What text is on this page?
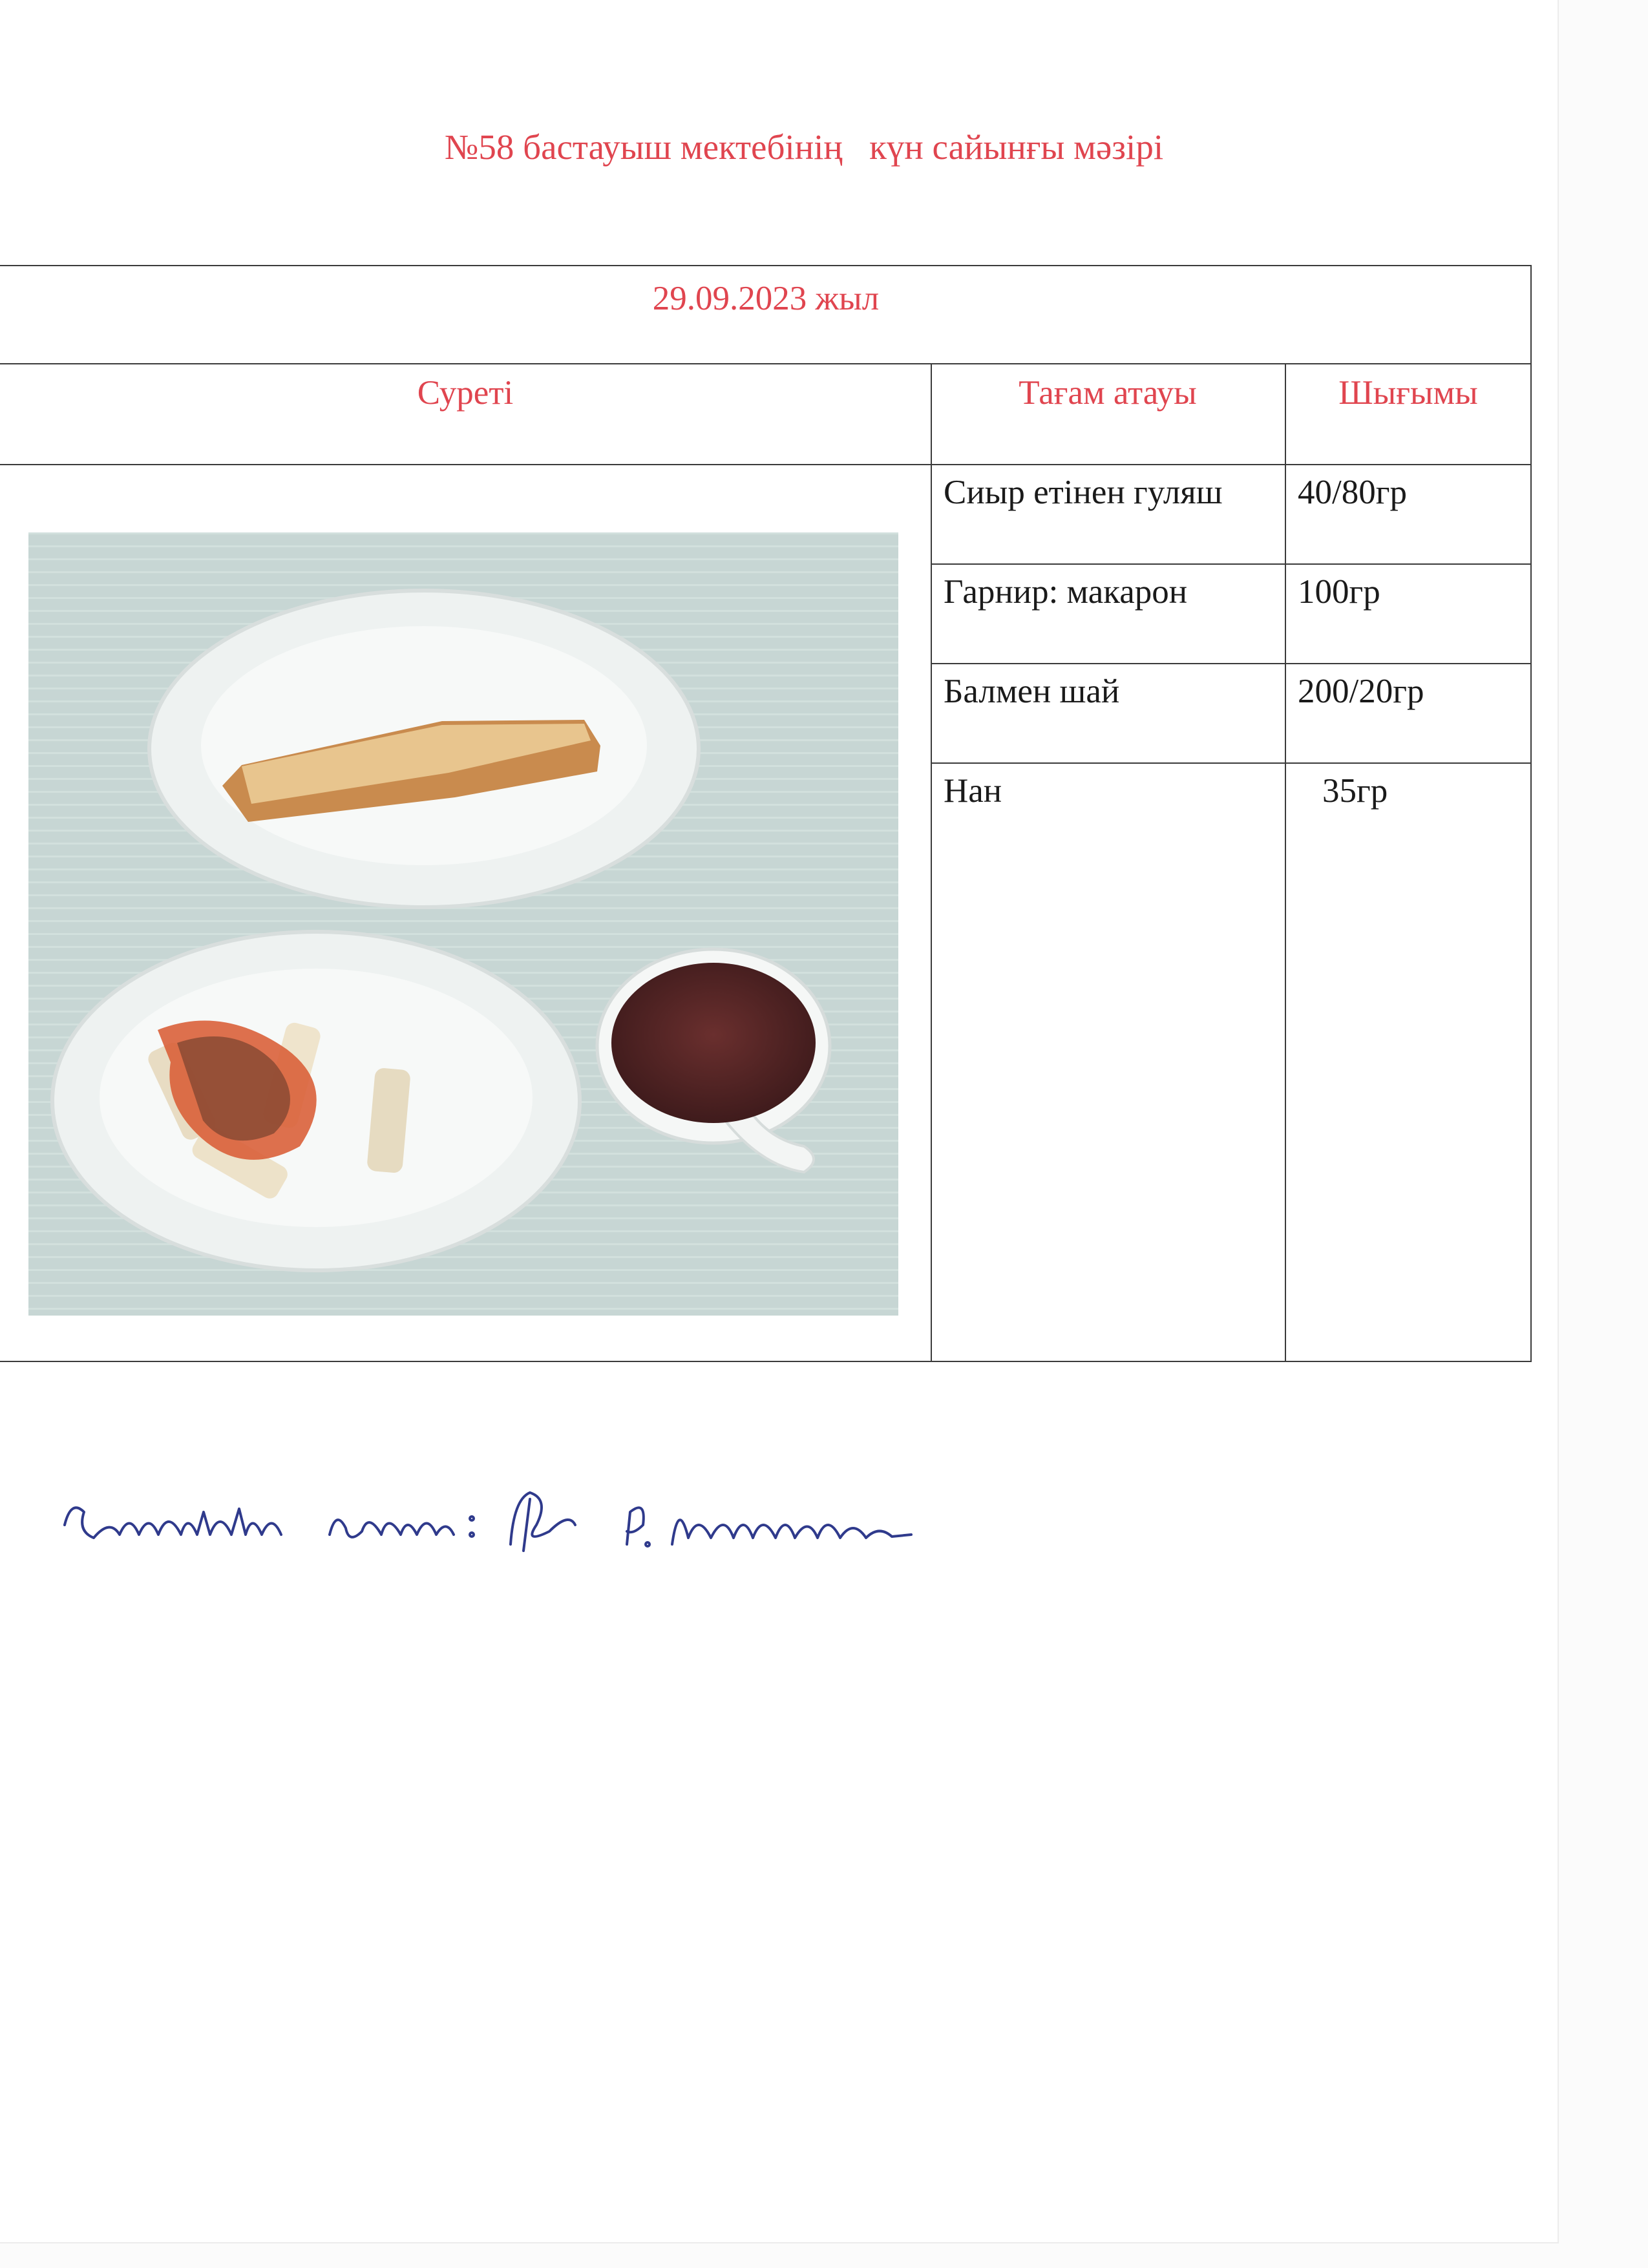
№58 бастауыш мектебінің   күн сайынғы мәзірі
29.09.2023 жыл
Суреті	Тағам атауы	Шығымы
Сиыр етінен гуляш	40/80гр
Гарнир: макарон	100гр
Балмен шай	200/20гр
Нан	35гр
